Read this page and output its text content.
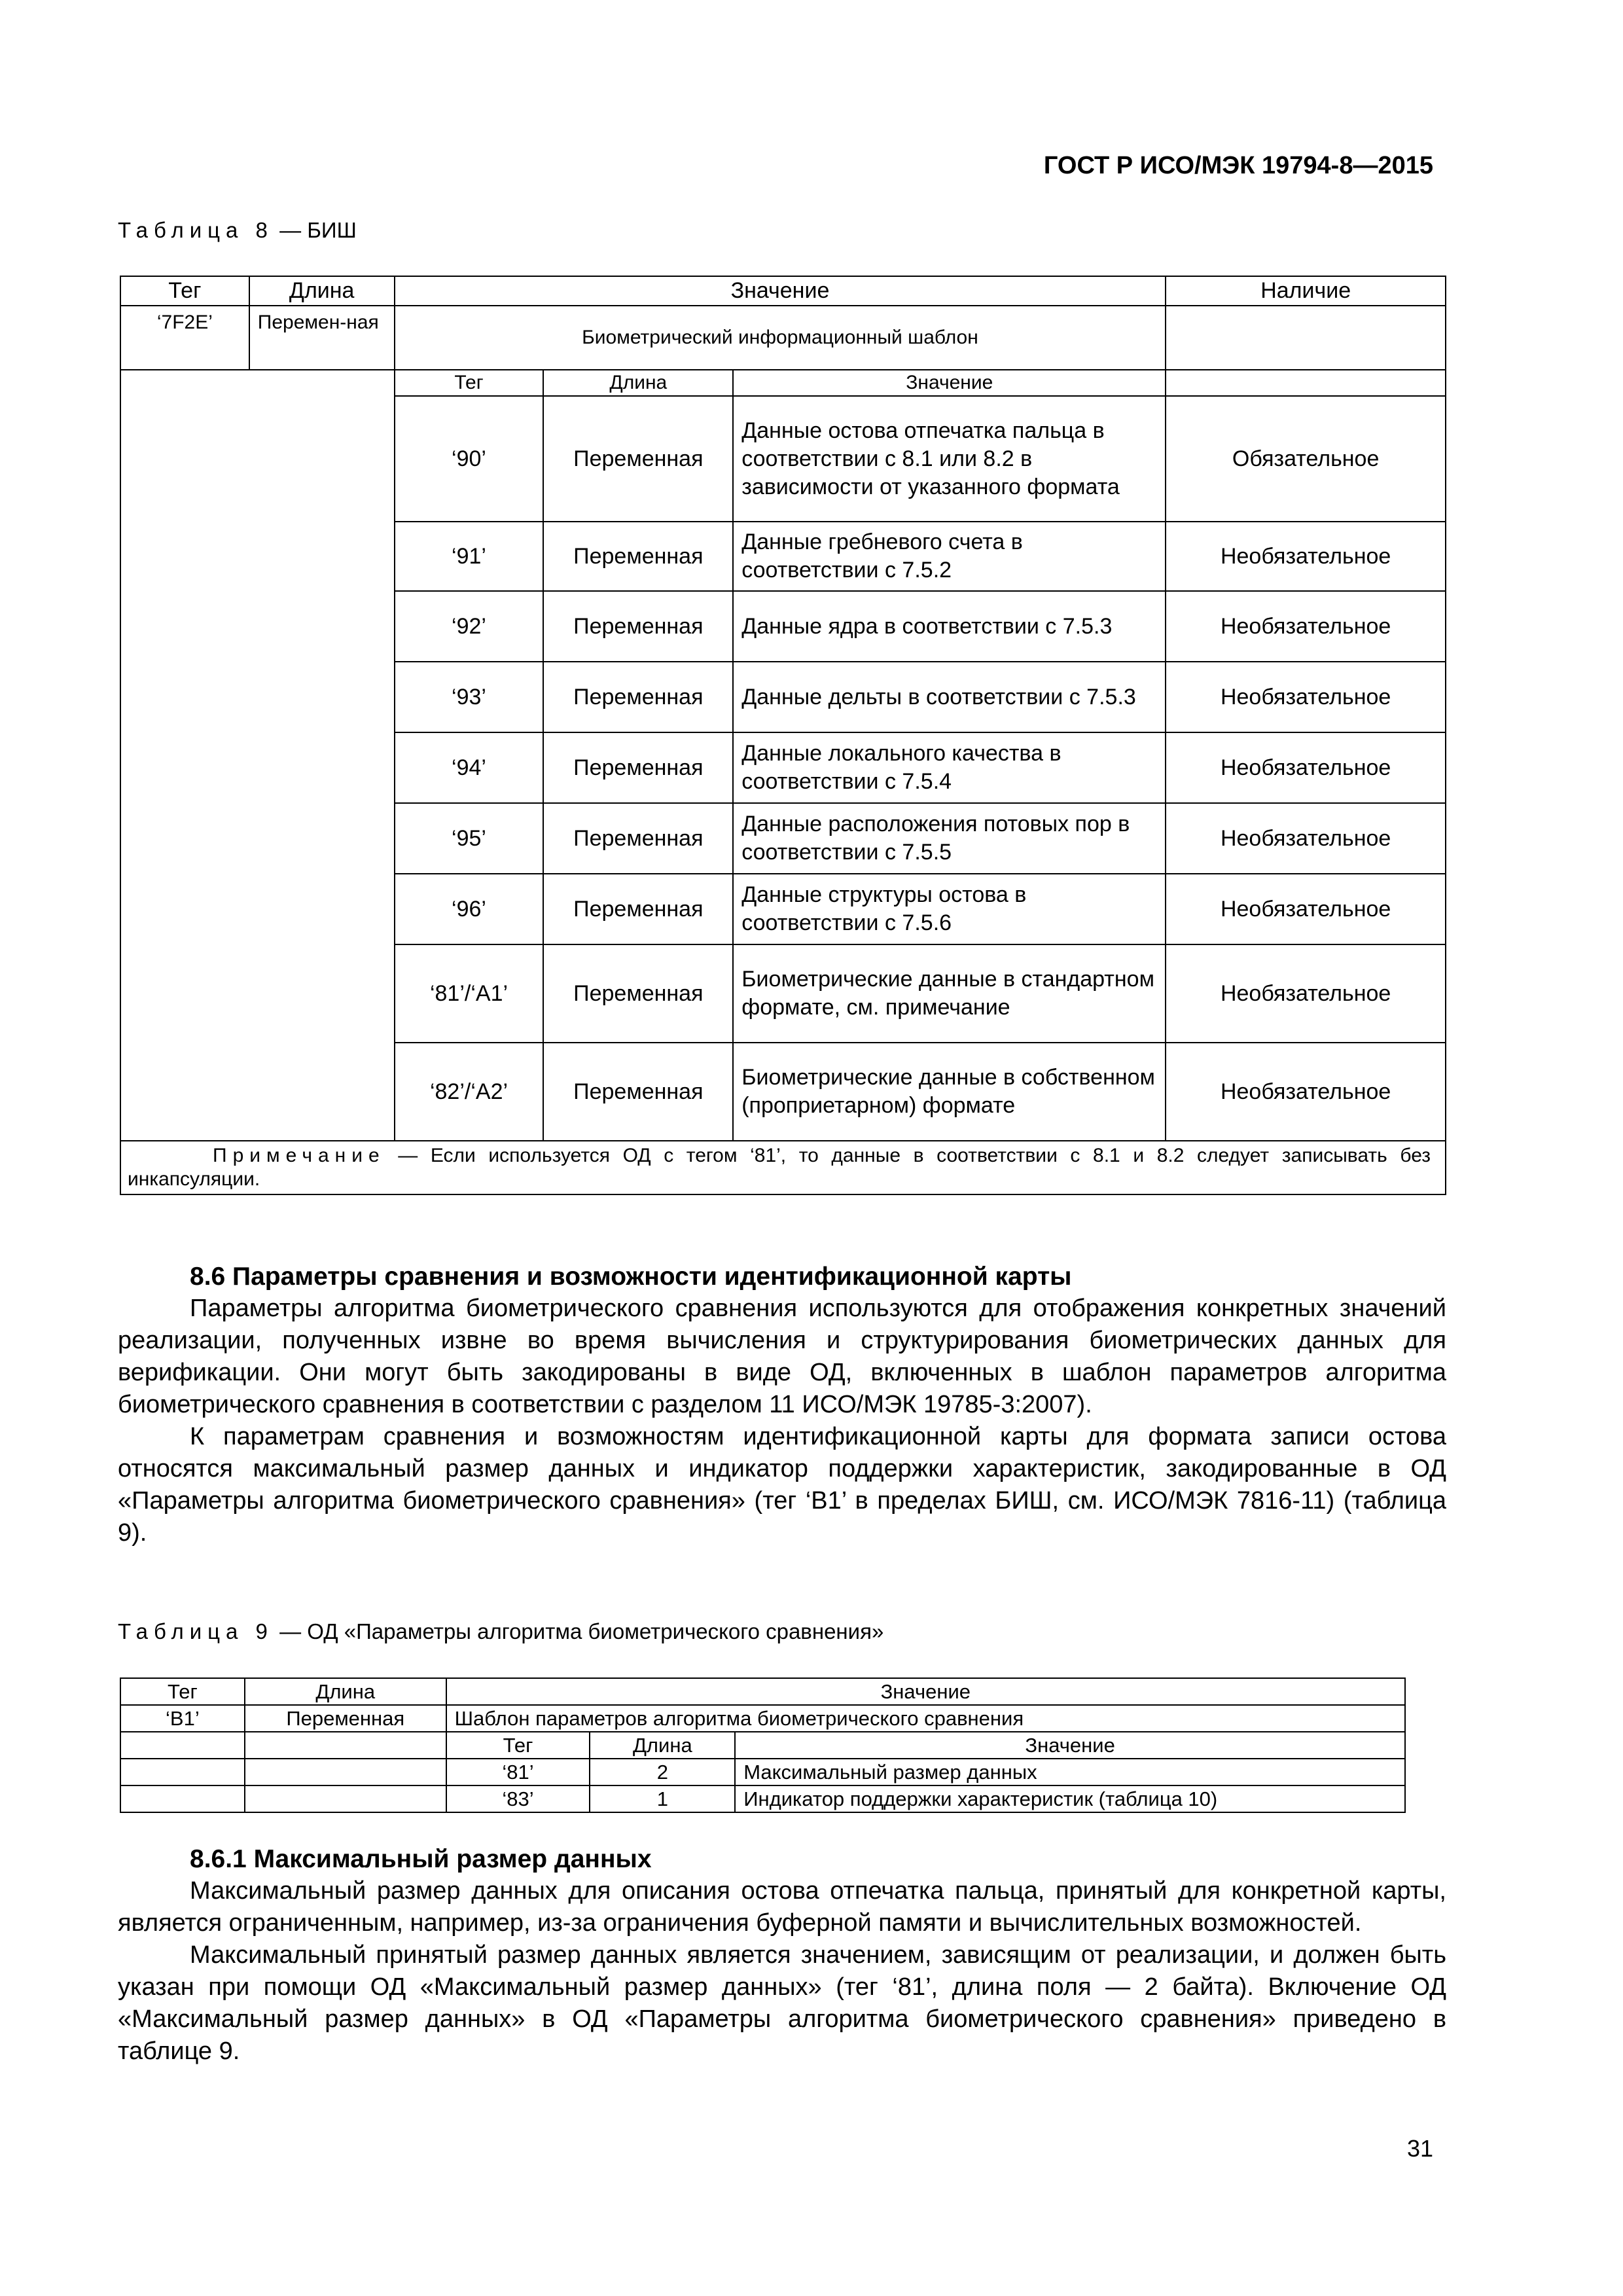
ГОСТ Р ИСО/МЭК 19794-8—2015
Таблица 8 — БИШ
Тег	Длина	Значение			Наличие
‘7F2E’	Перемен-ная	Биометрический информационный шаблон			
		Тег	Длина	Значение	
		‘90’	Переменная	Данные остова отпечатка пальца в соответствии с 8.1 или 8.2 в зависимости от указанного формата	Обязательное
		‘91’	Переменная	Данные гребневого счета в соответствии с 7.5.2	Необязательное
		‘92’	Переменная	Данные ядра в соответствии с 7.5.3	Необязательное
		‘93’	Переменная	Данные дельты в соответствии с 7.5.3	Необязательное
		‘94’	Переменная	Данные локального качества в соответствии с 7.5.4	Необязательное
		‘95’	Переменная	Данные расположения потовых пор в соответствии с 7.5.5	Необязательное
		‘96’	Переменная	Данные структуры остова в соответствии с 7.5.6	Необязательное
		‘81’/‘A1’	Переменная	Биометрические данные в стандартном формате, см. примечание	Необязательное
		‘82’/‘A2’	Переменная	Биометрические данные в собственном (проприетарном) формате	Необязательное
Примечание — Если используется ОД с тегом ‘81’, то данные в соответствии с 8.1 и 8.2 следует записывать без инкапсуляции.					

8.6 Параметры сравнения и возможности идентификационной карты

Параметры алгоритма биометрического сравнения используются для отображения конкретных значений реализации, полученных извне во время вычисления и структурирования биометрических данных для верификации. Они могут быть закодированы в виде ОД, включенных в шаблон параметров алгоритма биометрического сравнения в соответствии с разделом 11 ИСО/МЭК 19785-3:2007).

К параметрам сравнения и возможностям идентификационной карты для формата записи остова относятся максимальный размер данных и индикатор поддержки характеристик, закодированные в ОД «Параметры алгоритма биометрического сравнения» (тег ‘B1’ в пределах БИШ, см. ИСО/МЭК 7816-11) (таблица 9).

Таблица 9 — ОД «Параметры алгоритма биометрического сравнения»
Тег	Длина	Значение		
‘B1’	Переменная	Шаблон параметров алгоритма биометрического сравнения		
		Тег	Длина	Значение
		‘81’	2	Максимальный размер данных
		‘83’	1	Индикатор поддержки характеристик (таблица 10)

8.6.1 Максимальный размер данных

Максимальный размер данных для описания остова отпечатка пальца, принятый для конкретной карты, является ограниченным, например, из-за ограничения буферной памяти и вычислительных возможностей.

Максимальный принятый размер данных является значением, зависящим от реализации, и должен быть указан при помощи ОД «Максимальный размер данных» (тег ‘81’, длина поля — 2 байта). Включение ОД «Максимальный размер данных» в ОД «Параметры алгоритма биометрического сравнения» приведено в таблице 9.

31
